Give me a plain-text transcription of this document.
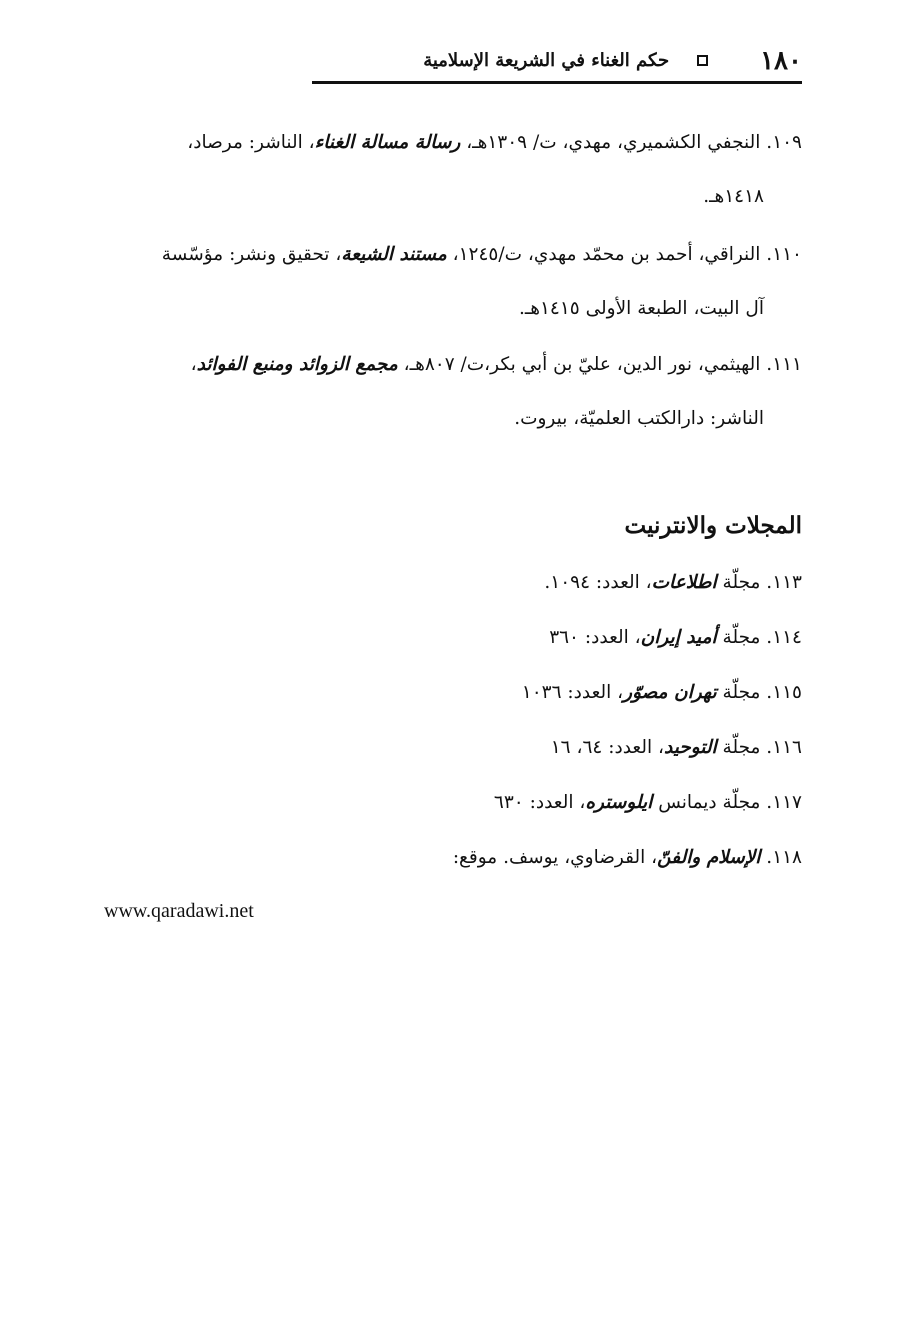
١٨٠
حكم الغناء في الشريعة الإسلامية
١٠٩. النجفي الكشميري، مهدي، ت/ ١٣٠٩هـ، رسالة مسالة الغناء، الناشر: مرصاد،
١٤١٨هـ.
١١٠. النراقي، أحمد بن محمّد مهدي، ت/١٢٤٥، مستند الشيعة، تحقيق ونشر: مؤسّسة
آل البيت، الطبعة الأولى ١٤١٥هـ.
١١١. الهيثمي، نور الدين، عليّ بن أبي بكر،ت/ ٨٠٧هـ، مجمع الزوائد ومنبع الفوائد،
الناشر: دارالكتب العلميّة، بيروت.
المجلات والانترنيت
١١٣. مجلّة اطلاعات، العدد: ١٠٩٤.
١١٤. مجلّة أميد إيران، العدد: ٣٦٠
١١٥. مجلّة تهران مصوّر، العدد: ١٠٣٦
١١٦. مجلّة التوحيد، العدد: ٦٤، ١٦
١١٧. مجلّة ديمانس ايلوستره، العدد: ٦٣٠
١١٨. الإسلام والفنّ، القرضاوي، يوسف. موقع:
www.qaradawi.net
